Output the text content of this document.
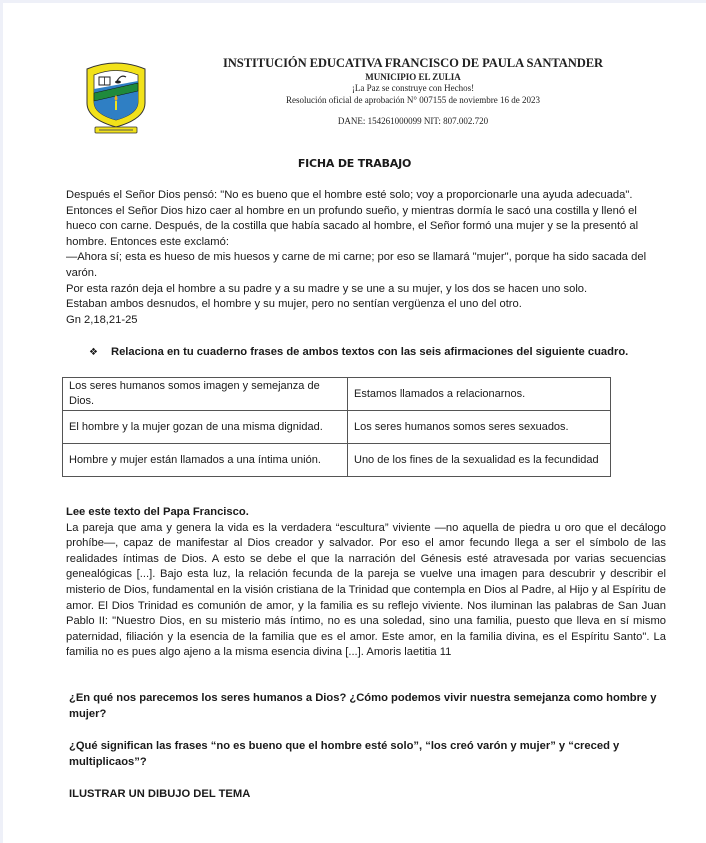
INSTITUCIÓN EDUCATIVA FRANCISCO DE PAULA SANTANDER
MUNICIPIO EL ZULIA
¡La Paz se construye con Hechos!
Resolución oficial de aprobación N° 007155 de noviembre 16 de 2023
DANE: 154261000099 NIT: 807.002.720
FICHA DE TRABAJO

Después el Señor Dios pensó: "No es bueno que el hombre esté solo; voy a proporcionarle una ayuda adecuada". Entonces el Señor Dios hizo caer al hombre en un profundo sueño, y mientras dormía le sacó una costilla y llenó el hueco con carne. Después, de la costilla que había sacado al hombre, el Señor formó una mujer y se la presentó al hombre. Entonces este exclamó:

—Ahora sí; esta es hueso de mis huesos y carne de mi carne; por eso se llamará "mujer", porque ha sido sacada del varón.

Por esta razón deja el hombre a su padre y a su madre y se une a su mujer, y los dos se hacen uno solo.

Estaban ambos desnudos, el hombre y su mujer, pero no sentían vergüenza el uno del otro.

Gn 2,18,21-25

❖ Relaciona en tu cuaderno frases de ambos textos con las seis afirmaciones del siguiente cuadro.
Los seres humanos somos imagen y semejanza de Dios.	Estamos llamados a relacionarnos.
El hombre y la mujer gozan de una misma dignidad.	Los seres humanos somos seres sexuados.
Hombre y mujer están llamados a una íntima unión.	Uno de los fines de la sexualidad es la fecundidad

Lee este texto del Papa Francisco.

La pareja que ama y genera la vida es la verdadera “escultura” viviente —no aquella de piedra u oro que el decálogo prohíbe—, capaz de manifestar al Dios creador y salvador. Por eso el amor fecundo llega a ser el símbolo de las realidades íntimas de Dios. A esto se debe el que la narración del Génesis esté atravesada por varias secuencias genealógicas [...]. Bajo esta luz, la relación fecunda de la pareja se vuelve una imagen para descubrir y describir el misterio de Dios, fundamental en la visión cristiana de la Trinidad que contempla en Dios al Padre, al Hijo y al Espíritu de amor. El Dios Trinidad es comunión de amor, y la familia es su reflejo viviente. Nos iluminan las palabras de San Juan Pablo II: "Nuestro Dios, en su misterio más íntimo, no es una soledad, sino una familia, puesto que lleva en sí mismo paternidad, filiación y la esencia de la familia que es el amor. Este amor, en la familia divina, es el Espíritu Santo". La familia no es pues algo ajeno a la misma esencia divina [...]. Amoris laetitia 11

¿En qué nos parecemos los seres humanos a Dios? ¿Cómo podemos vivir nuestra semejanza como hombre y mujer?

¿Qué significan las frases “no es bueno que el hombre esté solo”, “los creó varón y mujer” y “creced y multiplicaos”?

ILUSTRAR UN DIBUJO DEL TEMA
